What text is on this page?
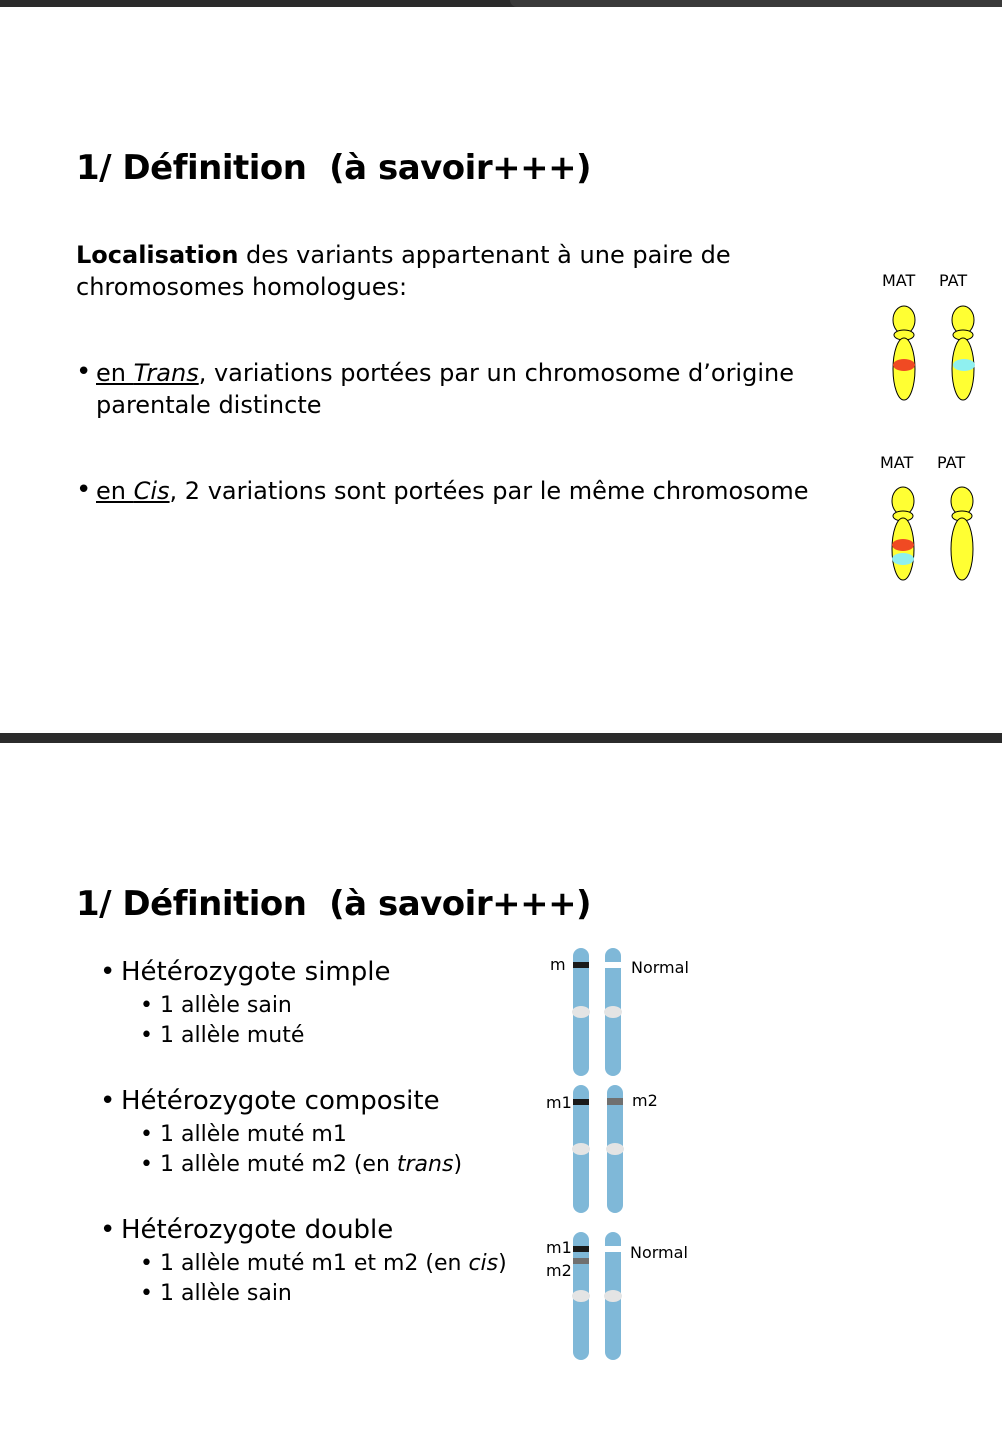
1/ Définition  (à savoir+++)
Localisation des variants appartenant à une paire de
chromosomes homologues:
• en Trans, variations portées par un chromosome d’origine
parentale distincte
• en Cis, 2 variations sont portées par le même chromosome
MAT PAT
MAT PAT
1/ Définition  (à savoir+++)
• Hétérozygote simple
• 1 allèle sain
• 1 allèle muté
• Hétérozygote composite
• 1 allèle muté m1
• 1 allèle muté m2 (en trans)
• Hétérozygote double
• 1 allèle muté m1 et m2 (en cis)
• 1 allèle sain
m	Normal
m1	m2
m1
m2
Normal
